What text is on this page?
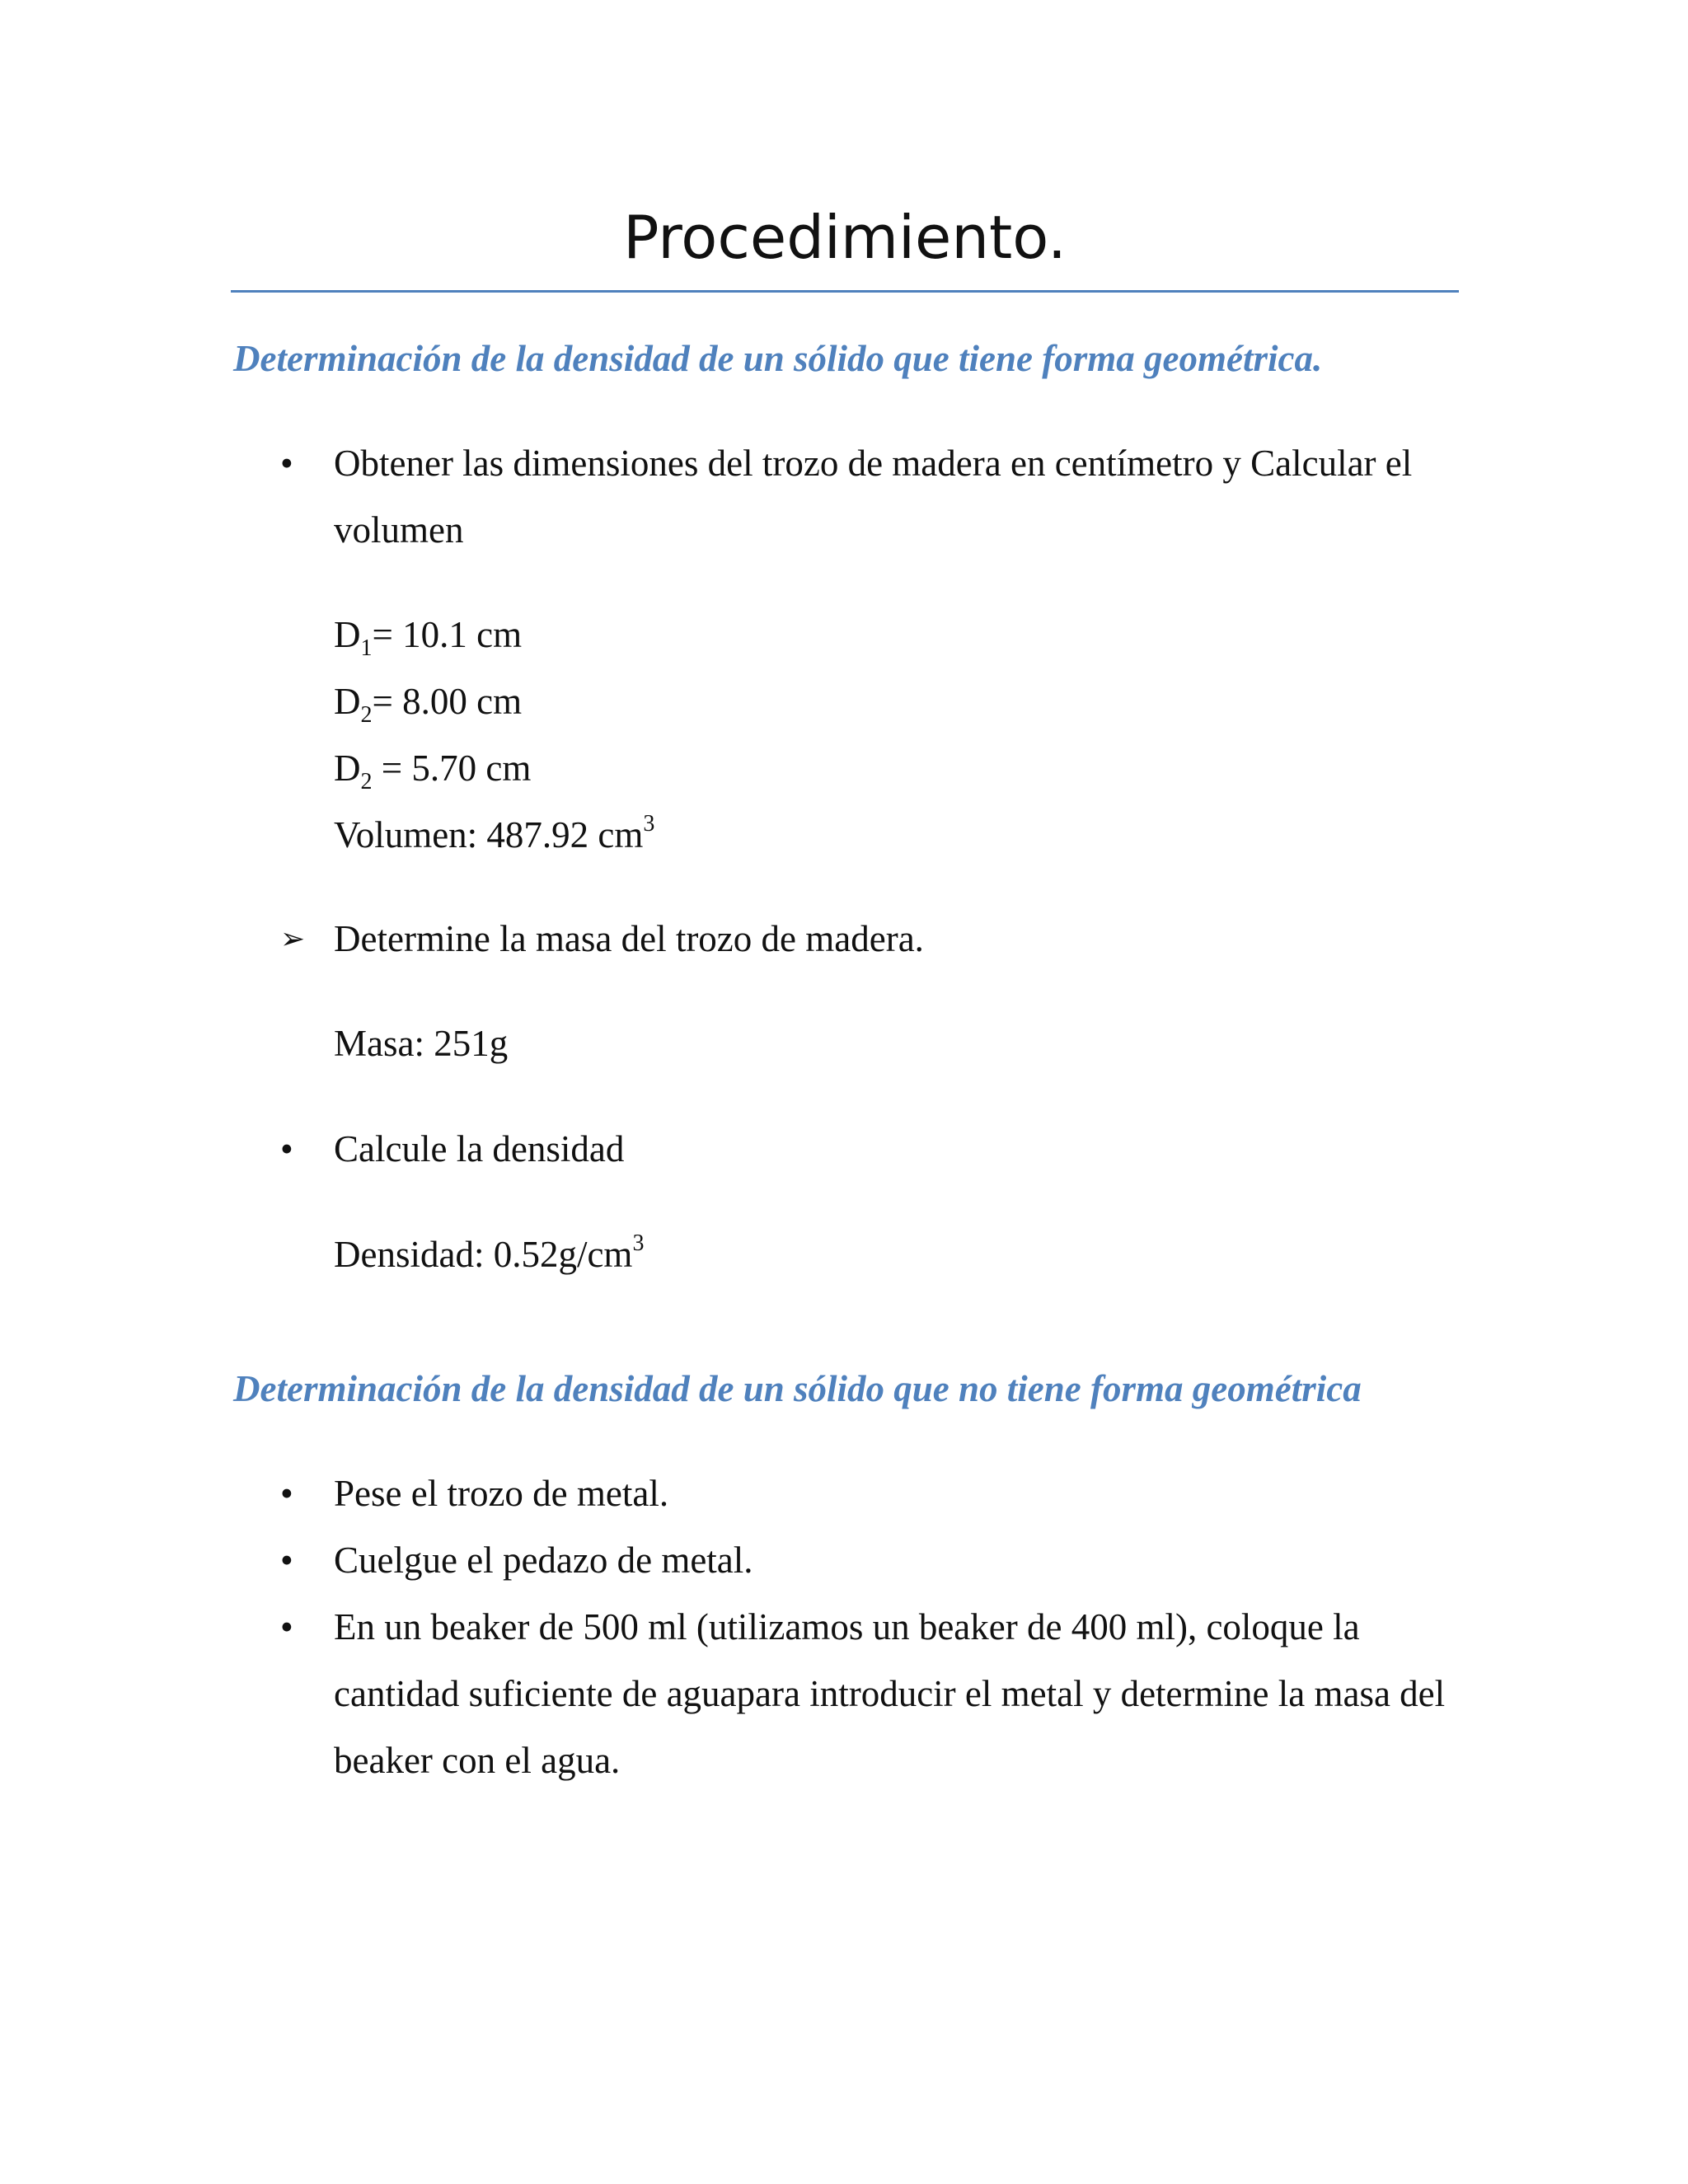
Procedimiento.
Determinación de la densidad de un sólido que tiene forma geométrica.
•	Obtener las dimensiones del trozo de madera en centímetro y Calcular el volumen
$D_1= 10.1$ cm
$D_2= 8.00$ cm
$D_2 = 5.70$ cm
Volumen: 487.92 $cm^3$
➢ Determine la masa del trozo de madera.
Masa: 251g
•	Calcule la densidad
Densidad: $0.52g/cm^3$
Determinación de la densidad de un sólido que no tiene forma geométrica
•	Pese el trozo de metal.
•	Cuelgue el pedazo de metal.
•	En un beaker de 500 ml (utilizamos un beaker de 400 ml), coloque la cantidad suficiente de aguapara introducir el metal y determine la masa del beaker con el agua.
